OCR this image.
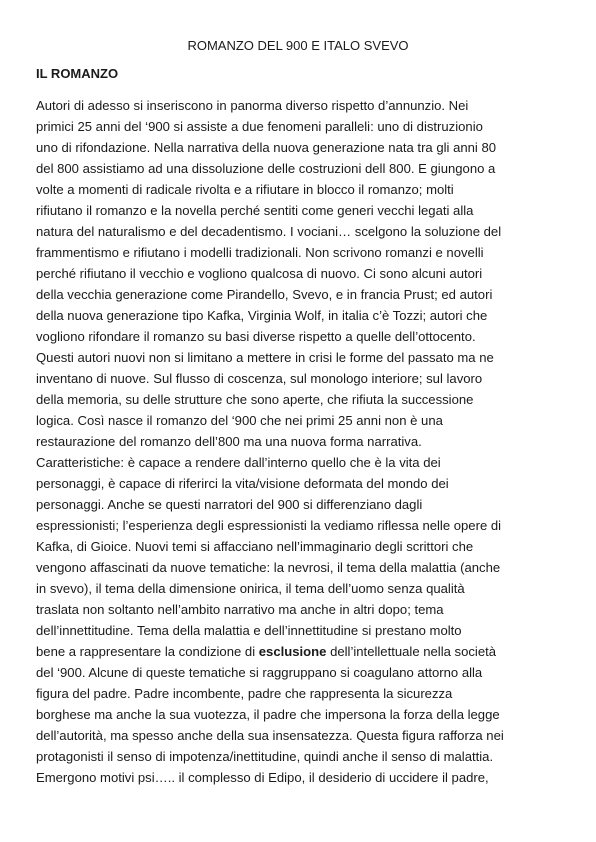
ROMANZO DEL 900 E ITALO SVEVO
IL ROMANZO
Autori di adesso si inseriscono in panorma diverso rispetto d’annunzio. Nei
primici 25 anni del ‘900 si assiste a due fenomeni paralleli: uno di distruzionio
uno di rifondazione. Nella narrativa della nuova generazione nata tra gli anni 80
del 800 assistiamo ad una dissoluzione delle costruzioni dell 800. E giungono a
volte a momenti di radicale rivolta e a rifiutare in blocco il romanzo; molti
rifiutano il romanzo e la novella perché sentiti come generi vecchi legati alla
natura del naturalismo e del decadentismo. I vociani… scelgono la soluzione del
frammentismo e rifiutano i modelli tradizionali. Non scrivono romanzi e novelli
perché rifiutano il vecchio e vogliono qualcosa di nuovo. Ci sono alcuni autori
della vecchia generazione come Pirandello, Svevo, e in francia Prust; ed autori
della nuova generazione tipo Kafka, Virginia Wolf, in italia c’è Tozzi; autori che
vogliono rifondare il romanzo su basi diverse rispetto a quelle dell’ottocento.
Questi autori nuovi non si limitano a mettere in crisi le forme del passato ma ne
inventano di nuove. Sul flusso di coscenza, sul monologo interiore; sul lavoro
della memoria, su delle strutture che sono aperte, che rifiuta la successione
logica. Così nasce il romanzo del ‘900 che nei primi 25 anni non è una
restaurazione del romanzo dell’800 ma una nuova forma narrativa.
Caratteristiche: è capace a rendere dall’interno quello che è la vita dei
personaggi, è capace di riferirci la vita/visione deformata del mondo dei
personaggi. Anche se questi narratori del 900 si differenziano dagli
espressionisti; l’esperienza degli espressionisti la vediamo riflessa nelle opere di
Kafka, di Gioice. Nuovi temi si affacciano nell’immaginario degli scrittori che
vengono affascinati da nuove tematiche: la nevrosi, il tema della malattia (anche
in svevo), il tema della dimensione onirica, il tema dell’uomo senza qualità
traslata non soltanto nell’ambito narrativo ma anche in altri dopo; tema
dell’innettitudine. Tema della malattia e dell’innettitudine si prestano molto
bene a rappresentare la condizione di esclusione dell’intellettuale nella società
del ‘900. Alcune di queste tematiche si raggruppano si coagulano attorno alla
figura del padre. Padre incombente, padre che rappresenta la sicurezza
borghese ma anche la sua vuotezza, il padre che impersona la forza della legge
dell’autorità, ma spesso anche della sua insensatezza. Questa figura rafforza nei
protagonisti il senso di impotenza/inettitudine, quindi anche il senso di malattia.
Emergono motivi psi….. il complesso di Edipo, il desiderio di uccidere il padre,
